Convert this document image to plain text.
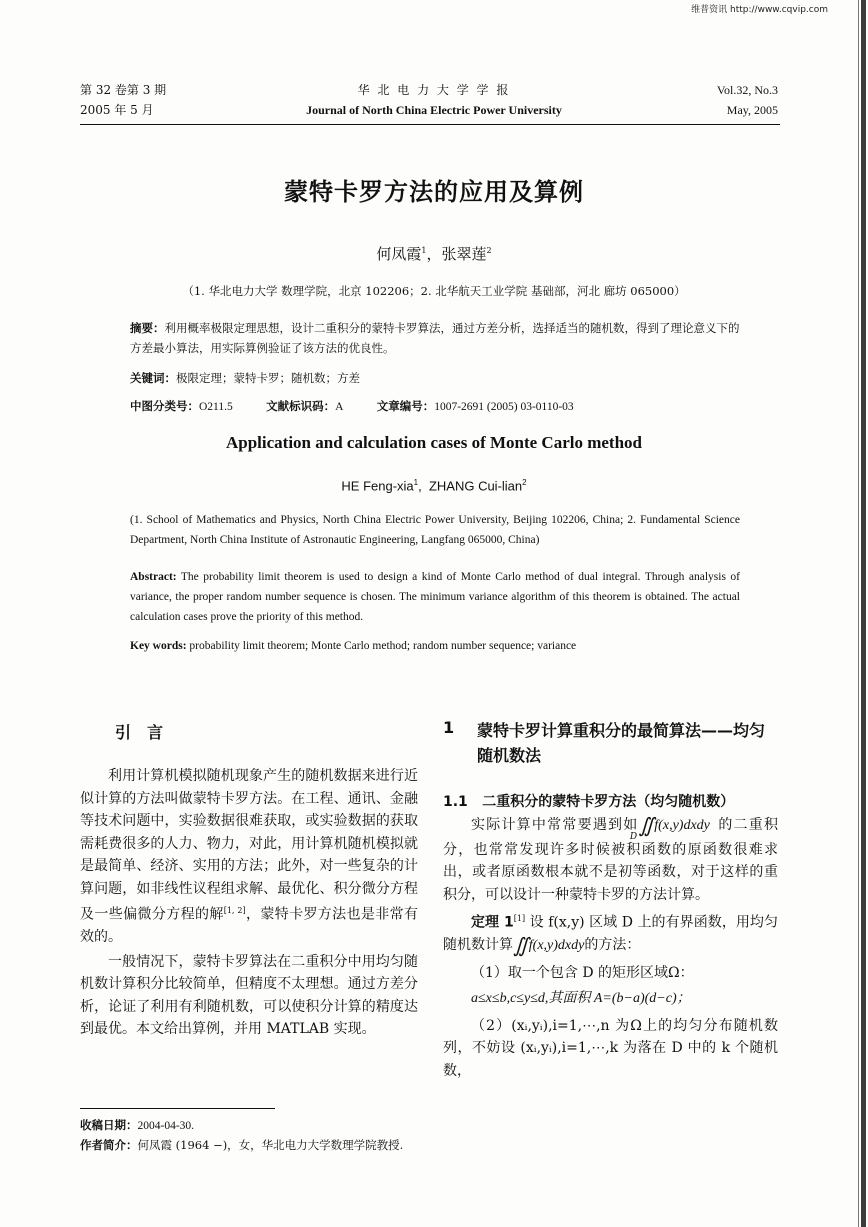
维普资讯 http://www.cqvip.com
第 32 卷第 3 期
2005 年 5 月
华 北 电 力 大 学 学 报
Journal of North China Electric Power University
Vol.32, No.3
May, 2005
蒙特卡罗方法的应用及算例
何凤霞$^1$，张翠莲$^2$
（1. 华北电力大学 数理学院，北京 102206；2. 北华航天工业学院 基础部，河北 廊坊 065000）
摘要：利用概率极限定理思想，设计二重积分的蒙特卡罗算法，通过方差分析，选择适当的随机数，得到了理论意义下的方差最小算法，用实际算例验证了该方法的优良性。
关键词：极限定理；蒙特卡罗；随机数；方差
中图分类号：O211.5	文献标识码：A	文章编号：1007-2691 (2005) 03-0110-03
Application and calculation cases of Monte Carlo method
HE Feng-xia$^1$,  ZHANG Cui-lian$^2$
(1. School of Mathematics and Physics, North China Electric Power University, Beijing 102206, China; 2. Fundamental Science Department, North China Institute of Astronautic Engineering, Langfang 065000, China)
Abstract: The probability limit theorem is used to design a kind of Monte Carlo method of dual integral. Through analysis of variance, the proper random number sequence is chosen. The minimum variance algorithm of this theorem is obtained. The actual calculation cases prove the priority of this method.
Key words: probability limit theorem; Monte Carlo method; random number sequence; variance
引　言

利用计算机模拟随机现象产生的随机数据来进行近似计算的方法叫做蒙特卡罗方法。在工程、通讯、金融等技术问题中，实验数据很难获取，或实验数据的获取需耗费很多的人力、物力，对此，用计算机随机模拟就是最简单、经济、实用的方法；此外，对一些复杂的计算问题，如非线性议程组求解、最优化、积分微分方程及一些偏微分方程的解[1, 2]，蒙特卡罗方法也是非常有效的。

一般情况下，蒙特卡罗算法在二重积分中用均匀随机数计算积分比较简单，但精度不太理想。通过方差分析，论证了利用有利随机数，可以使积分计算的精度达到最优。本文给出算例，并用 MATLAB 实现。

1 蒙特卡罗计算重积分的最简算法——均匀随机数法
1.1 二重积分的蒙特卡罗方法（均匀随机数）

实际计算中常常要遇到如∬f(x,y)dxdy$_D$的二重积分，也常常发现许多时候被积函数的原函数很难求出，或者原函数根本就不是初等函数，对于这样的重积分，可以设计一种蒙特卡罗的方法计算。

定理 1[1] 设 f(x,y) 区域 D 上的有界函数，用均匀随机数计算∬f(x,y)dxdy的方法：

（1）取一个包含 D 的矩形区域Ω：

a≤x≤b,c≤y≤d,其面积 A=(b−a)(d−c)；

（2）(xᵢ,yᵢ),i=1,⋯,n 为Ω上的均匀分布随机数列，不妨设 (xᵢ,yᵢ),i=1,⋯,k 为落在 D 中的 k 个随机数，

收稿日期：2004-04-30.
作者简介：何凤霞 (1964 −)，女，华北电力大学数理学院教授.
